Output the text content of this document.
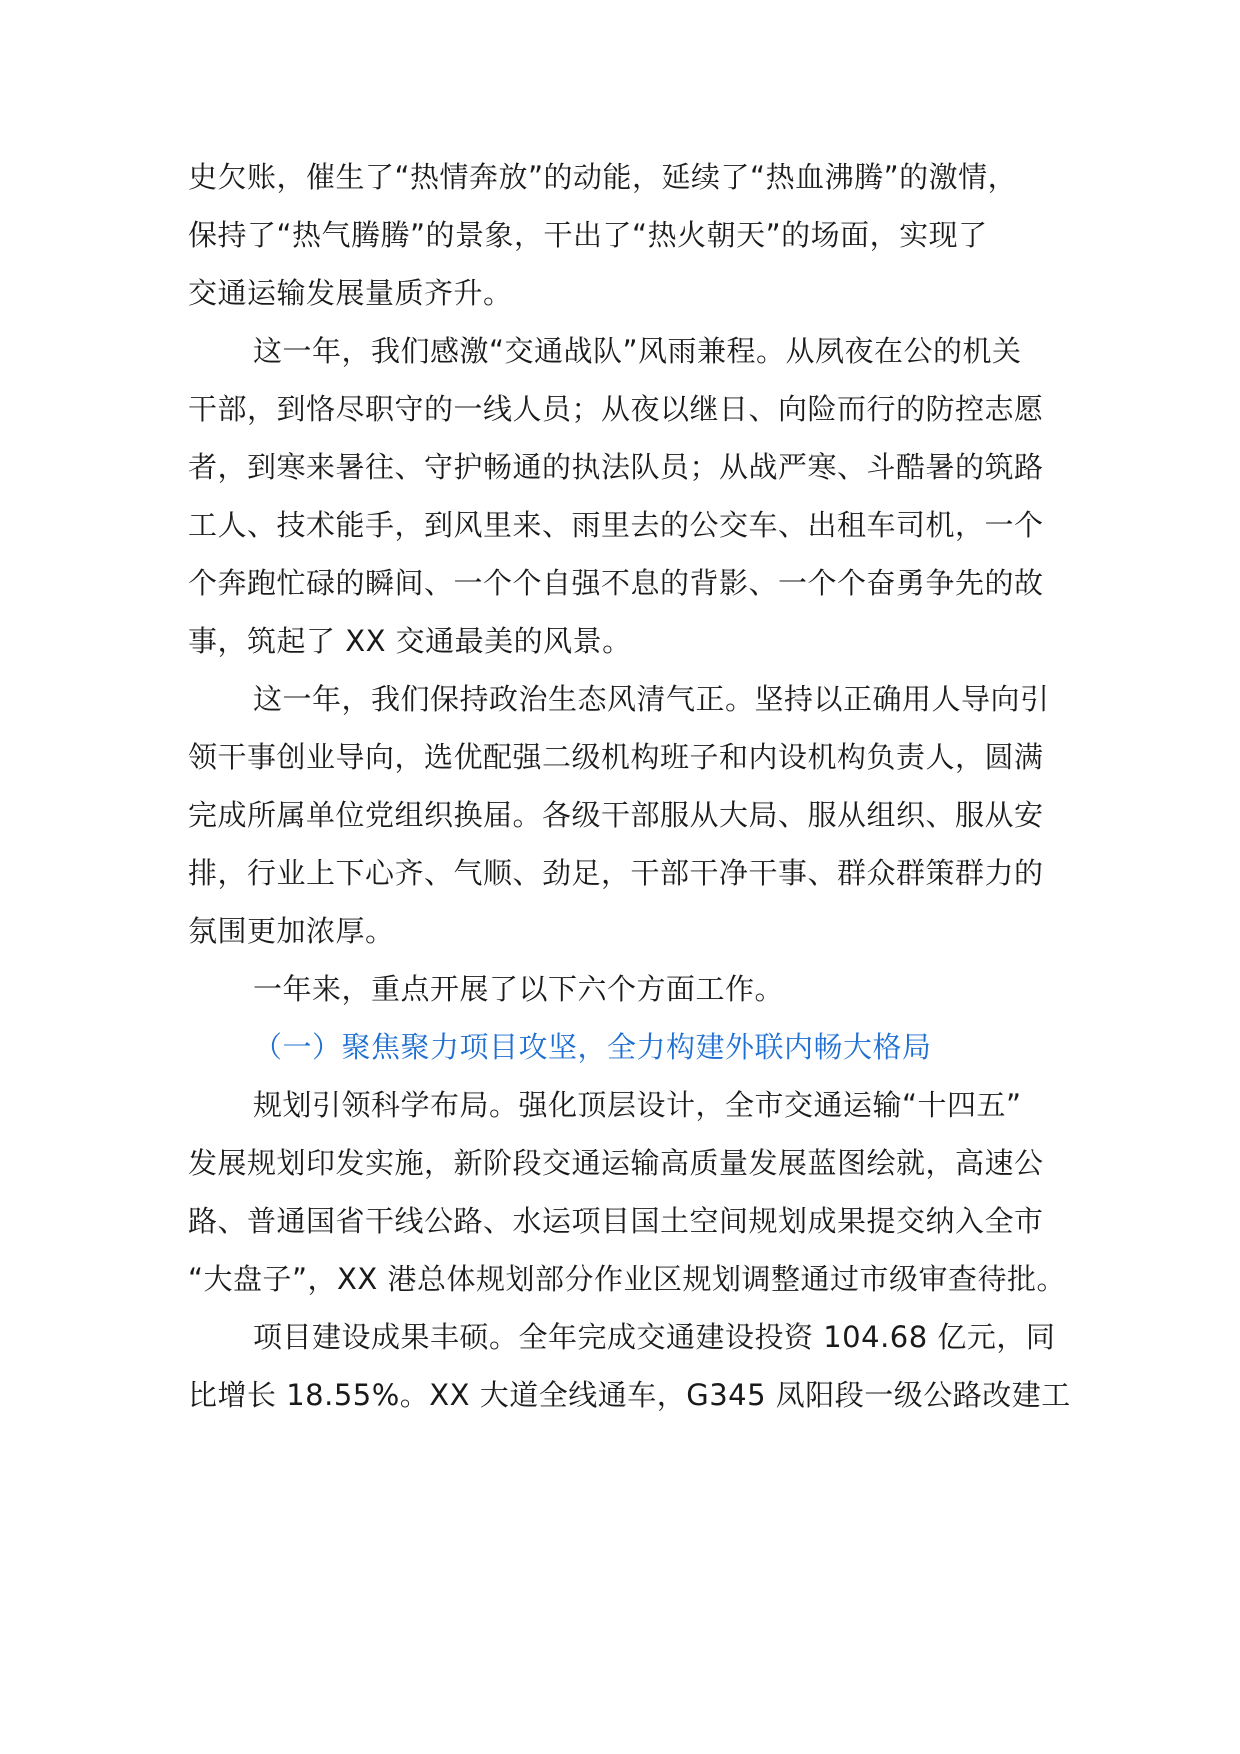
史欠账，催生了“热情奔放”的动能，延续了“热血沸腾”的激情，
保持了“热气腾腾”的景象，干出了“热火朝天”的场面，实现了
交通运输发展量质齐升。
这一年，我们感激“交通战队”风雨兼程。从夙夜在公的机关
干部，到恪尽职守的一线人员；从夜以继日、向险而行的防控志愿
者，到寒来暑往、守护畅通的执法队员；从战严寒、斗酷暑的筑路
工人、技术能手，到风里来、雨里去的公交车、出租车司机，一个
个奔跑忙碌的瞬间、一个个自强不息的背影、一个个奋勇争先的故
事，筑起了 XX 交通最美的风景。
这一年，我们保持政治生态风清气正。坚持以正确用人导向引
领干事创业导向，选优配强二级机构班子和内设机构负责人，圆满
完成所属单位党组织换届。各级干部服从大局、服从组织、服从安
排，行业上下心齐、气顺、劲足，干部干净干事、群众群策群力的
氛围更加浓厚。
一年来，重点开展了以下六个方面工作。
（一）聚焦聚力项目攻坚，全力构建外联内畅大格局
规划引领科学布局。强化顶层设计，全市交通运输“十四五”
发展规划印发实施，新阶段交通运输高质量发展蓝图绘就，高速公
路、普通国省干线公路、水运项目国土空间规划成果提交纳入全市
“大盘子”，XX 港总体规划部分作业区规划调整通过市级审查待批。
项目建设成果丰硕。全年完成交通建设投资 104.68 亿元，同
比增长 18.55%。XX 大道全线通车，G345 凤阳段一级公路改建工
